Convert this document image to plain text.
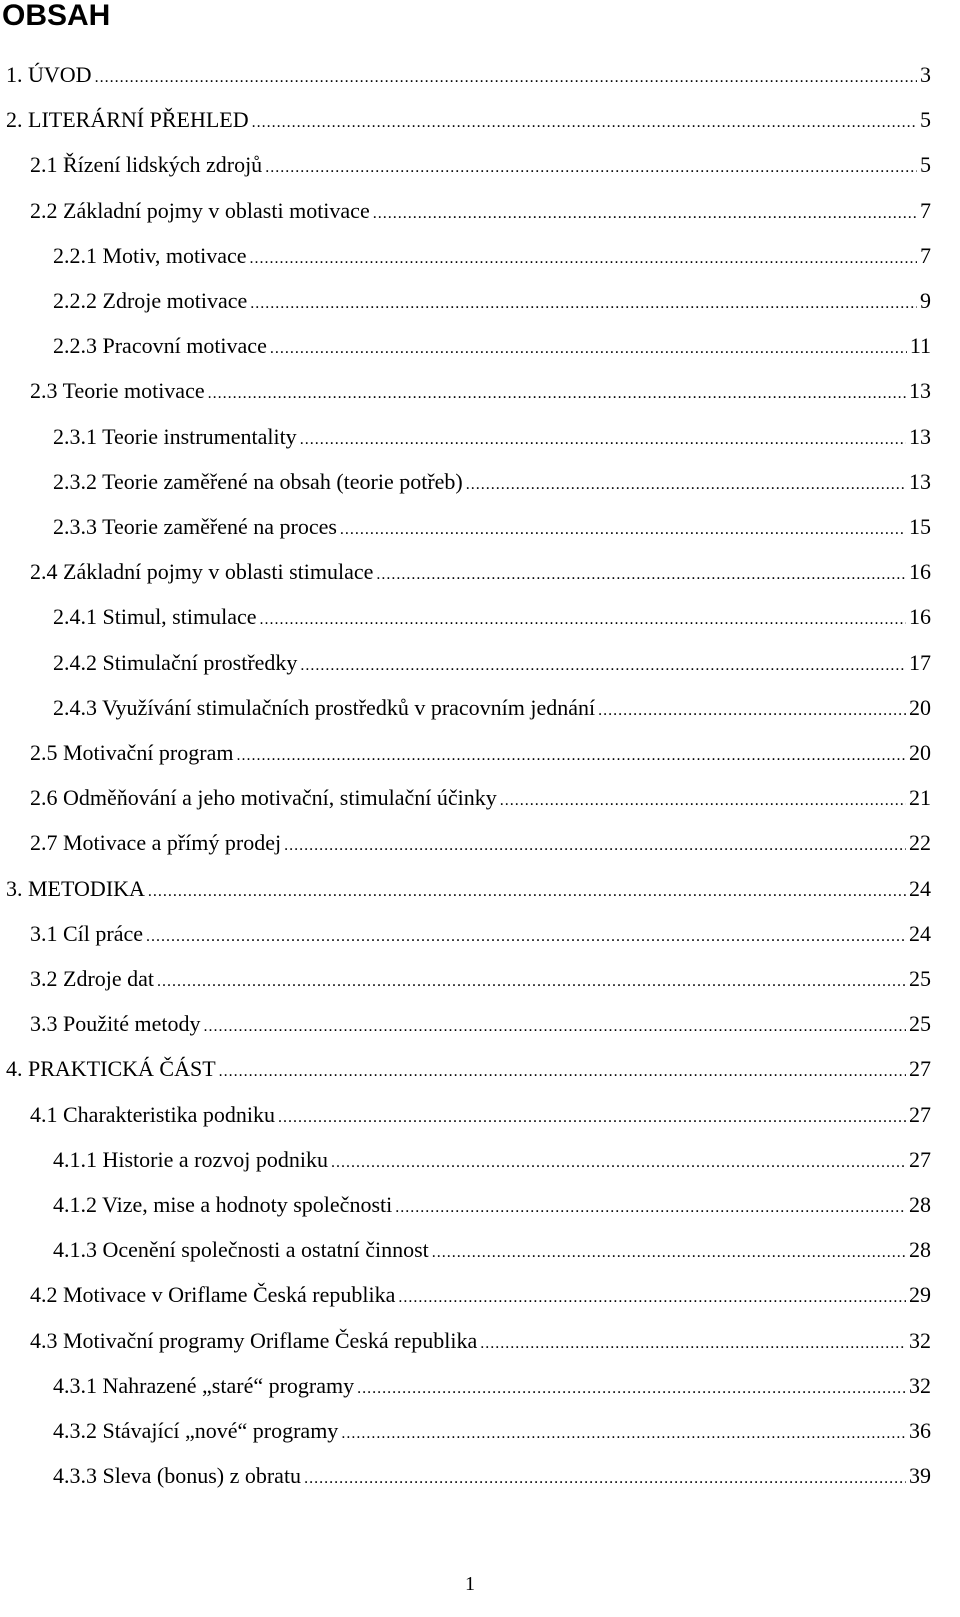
OBSAH
1. ÚVOD .....	3
2. LITERÁRNÍ PŘEHLED .....	5
2.1 Řízení lidských zdrojů .....	5
2.2 Základní pojmy v oblasti motivace .....	7
2.2.1 Motiv, motivace .....	7
2.2.2 Zdroje motivace .....	9
2.2.3 Pracovní motivace .....	11
2.3 Teorie motivace .....	13
2.3.1 Teorie instrumentality .....	13
2.3.2 Teorie zaměřené na obsah (teorie potřeb) .....	13
2.3.3 Teorie zaměřené na proces .....	15
2.4 Základní pojmy v oblasti stimulace .....	16
2.4.1 Stimul, stimulace .....	16
2.4.2 Stimulační prostředky .....	17
2.4.3 Využívání stimulačních prostředků v pracovním jednání .....	20
2.5 Motivační program .....	20
2.6 Odměňování a jeho motivační, stimulační účinky .....	21
2.7 Motivace a přímý prodej .....	22
3. METODIKA .....	24
3.1 Cíl práce .....	24
3.2 Zdroje dat .....	25
3.3 Použité metody .....	25
4. PRAKTICKÁ ČÁST .....	27
4.1 Charakteristika podniku .....	27
4.1.1 Historie a rozvoj podniku .....	27
4.1.2 Vize, mise a hodnoty společnosti .....	28
4.1.3 Ocenění společnosti a ostatní činnost .....	28
4.2 Motivace v Oriflame Česká republika .....	29
4.3 Motivační programy Oriflame Česká republika .....	32
4.3.1 Nahrazené „staré“ programy .....	32
4.3.2 Stávající „nové“ programy .....	36
4.3.3 Sleva (bonus) z obratu .....	39
1
